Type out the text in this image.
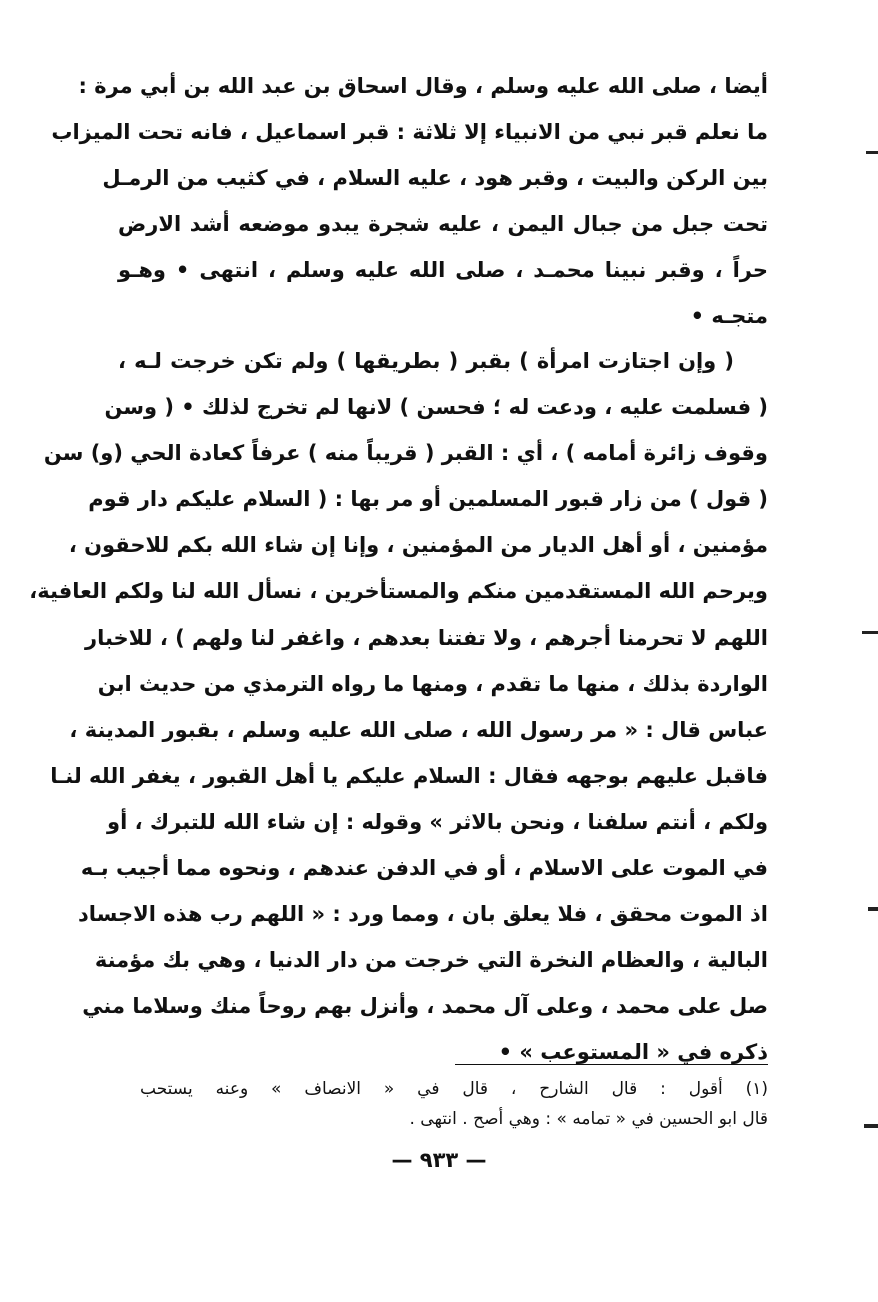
أيضا ، صلى الله عليه وسلم ، وقال اسحاق بن عبد الله بن أبي مرة :
ما نعلم قبر نبي من الانبياء إلا ثلاثة : قبر اسماعيل ، فانه تحت الميزاب
بين الركن والبيت ، وقبر هود ، عليه السلام ، في كثيب من الرمـل
تحت جبل من جبال اليمن ، عليه شجرة يبدو موضعه أشد الارض
حراً ، وقبر نبينا محمـد ، صلى الله عليه وسلم ، انتهى • وهـو
متجـه •
( وإن اجتازت امرأة ) بقبر ( بطريقها ) ولم تكن خرجت لـه ،
( فسلمت عليه ، ودعت له ؛ فحسن ) لانها لم تخرج لذلك • ( وسن
وقوف زائرة أمامه ) ، أي : القبر ( قريباً منه ) عرفاً كعادة الحي (و) سن
( قول ) من زار قبور المسلمين أو مر بها : ( السلام عليكم دار قوم
مؤمنين ، أو أهل الديار من المؤمنين ، وإنا إن شاء الله بكم للاحقون ،
ويرحم الله المستقدمين منكم والمستأخرين ، نسأل الله لنا ولكم العافية،
اللهم لا تحرمنا أجرهم ، ولا تفتنا بعدهم ، واغفر لنا ولهم ) ، للاخبار
الواردة بذلك ، منها ما تقدم ، ومنها ما رواه الترمذي من حديث ابن
عباس قال : « مر رسول الله ، صلى الله عليه وسلم ، بقبور المدينة ،
فاقبل عليهم بوجهه فقال : السلام عليكم يا أهل القبور ، يغفر الله لنـا
ولكم ، أنتم سلفنا ، ونحن بالاثر » وقوله : إن شاء الله للتبرك ، أو
في الموت على الاسلام ، أو في الدفن عندهم ، ونحوه مما أجيب بـه
اذ الموت محقق ، فلا يعلق بان ، ومما ورد : « اللهم رب هذه الاجساد
البالية ، والعظام النخرة التي خرجت من دار الدنيا ، وهي بك مؤمنة
صل على محمد ، وعلى آل محمد ، وأنزل بهم روحاً منك وسلاما مني
ذكره في « المستوعب » •
(١) أقول : قال الشارح ، قال في « الانصاف » وعنه يستحب
قال ابو الحسين في « تمامه » : وهي أصح . انتهى .
— ٩٣٣ —
